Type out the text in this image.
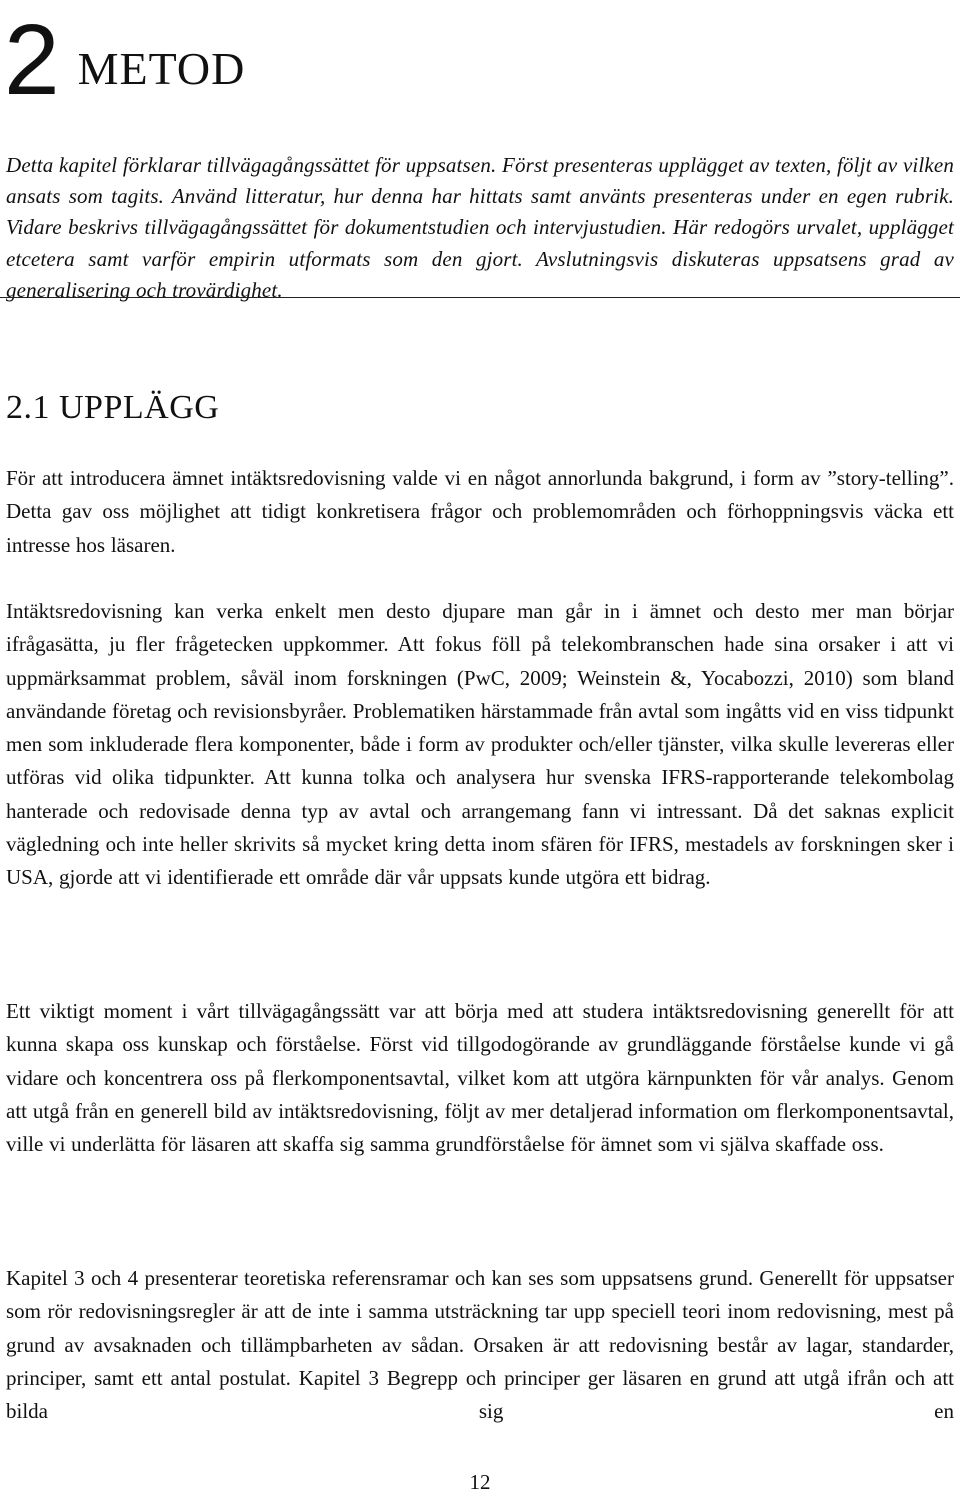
2 METOD

Detta kapitel förklarar tillvägagångssättet för uppsatsen. Först presenteras upplägget av texten, följt av vilken ansats som tagits. Använd litteratur, hur denna har hittats samt använts presenteras under en egen rubrik. Vidare beskrivs tillvägagångssättet för dokumentstudien och intervjustudien. Här redogörs urvalet, upplägget etcetera samt varför empirin utformats som den gjort. Avslutningsvis diskuteras uppsatsens grad av generalisering och trovärdighet.

2.1 UPPLÄGG

För att introducera ämnet intäktsredovisning valde vi en något annorlunda bakgrund, i form av ”story-telling”. Detta gav oss möjlighet att tidigt konkretisera frågor och problemområden och förhoppningsvis väcka ett intresse hos läsaren.

Intäktsredovisning kan verka enkelt men desto djupare man går in i ämnet och desto mer man börjar ifrågasätta, ju fler frågetecken uppkommer. Att fokus föll på telekombranschen hade sina orsaker i att vi uppmärksammat problem, såväl inom forskningen (PwC, 2009; Weinstein &, Yocabozzi, 2010) som bland användande företag och revisionsbyråer. Problematiken härstammade från avtal som ingåtts vid en viss tidpunkt men som inkluderade flera komponenter, både i form av produkter och/eller tjänster, vilka skulle levereras eller utföras vid olika tidpunkter. Att kunna tolka och analysera hur svenska IFRS-rapporterande telekombolag hanterade och redovisade denna typ av avtal och arrangemang fann vi intressant. Då det saknas explicit vägledning och inte heller skrivits så mycket kring detta inom sfären för IFRS, mestadels av forskningen sker i USA, gjorde att vi identifierade ett område där vår uppsats kunde utgöra ett bidrag.

Ett viktigt moment i vårt tillvägagångssätt var att börja med att studera intäktsredovisning generellt för att kunna skapa oss kunskap och förståelse. Först vid tillgodogörande av grundläggande förståelse kunde vi gå vidare och koncentrera oss på flerkomponentsavtal, vilket kom att utgöra kärnpunkten för vår analys. Genom att utgå från en generell bild av intäktsredovisning, följt av mer detaljerad information om flerkomponentsavtal, ville vi underlätta för läsaren att skaffa sig samma grundförståelse för ämnet som vi själva skaffade oss.

Kapitel 3 och 4 presenterar teoretiska referensramar och kan ses som uppsatsens grund. Generellt för uppsatser som rör redovisningsregler är att de inte i samma utsträckning tar upp speciell teori inom redovisning, mest på grund av avsaknaden och tillämpbarheten av sådan. Orsaken är att redovisning består av lagar, standarder, principer, samt ett antal postulat. Kapitel 3 Begrepp och principer ger läsaren en grund att utgå ifrån och att bilda sig en

12
